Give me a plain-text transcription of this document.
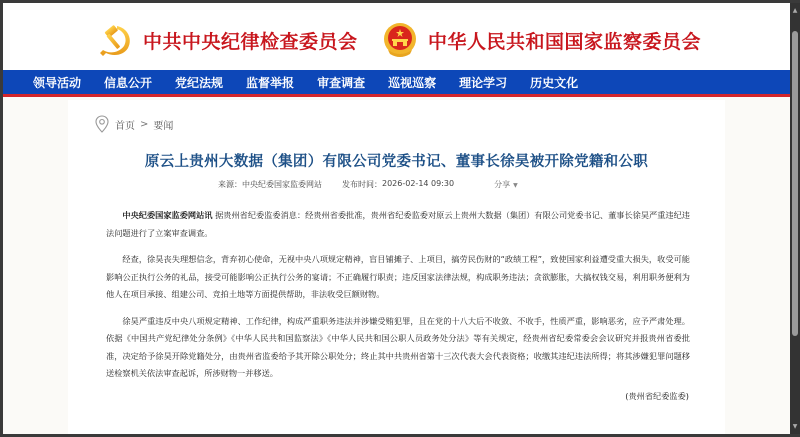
中共中央纪律检查委员会	中华人民共和国国家监察委员会
领导活动 信息公开 党纪法规 监督举报 审查调查 巡视巡察 理论学习 历史文化
首页 > 要闻
原云上贵州大数据（集团）有限公司党委书记、董事长徐昊被开除党籍和公职
来源：中央纪委国家监委网站	发布时间： 2026-02-14 09:30	分享 ▼

中央纪委国家监委网站讯 据贵州省纪委监委消息：经贵州省委批准，贵州省纪委监委对原云上贵州大数据（集团）有限公司党委书记、董事长徐昊严重违纪违法问题进行了立案审查调查。

经查，徐昊丧失理想信念，背弃初心使命，无视中央八项规定精神，盲目铺摊子、上项目，搞劳民伤财的“政绩工程”，致使国家利益遭受重大损失，收受可能影响公正执行公务的礼品，接受可能影响公正执行公务的宴请；不正确履行职责；违反国家法律法规，构成职务违法；贪欲膨胀，大搞权钱交易，利用职务便利为他人在项目承接、组建公司、竞拍土地等方面提供帮助，非法收受巨额财物。

徐昊严重违反中央八项规定精神、工作纪律，构成严重职务违法并涉嫌受贿犯罪，且在党的十八大后不收敛、不收手，性质严重，影响恶劣，应予严肃处理。依据《中国共产党纪律处分条例》《中华人民共和国监察法》《中华人民共和国公职人员政务处分法》等有关规定，经贵州省纪委常委会会议研究并报贵州省委批准，决定给予徐昊开除党籍处分，由贵州省监委给予其开除公职处分；终止其中共贵州省第十三次代表大会代表资格；收缴其违纪违法所得；将其涉嫌犯罪问题移送检察机关依法审查起诉，所涉财物一并移送。

(贵州省纪委监委)
▲
▼
